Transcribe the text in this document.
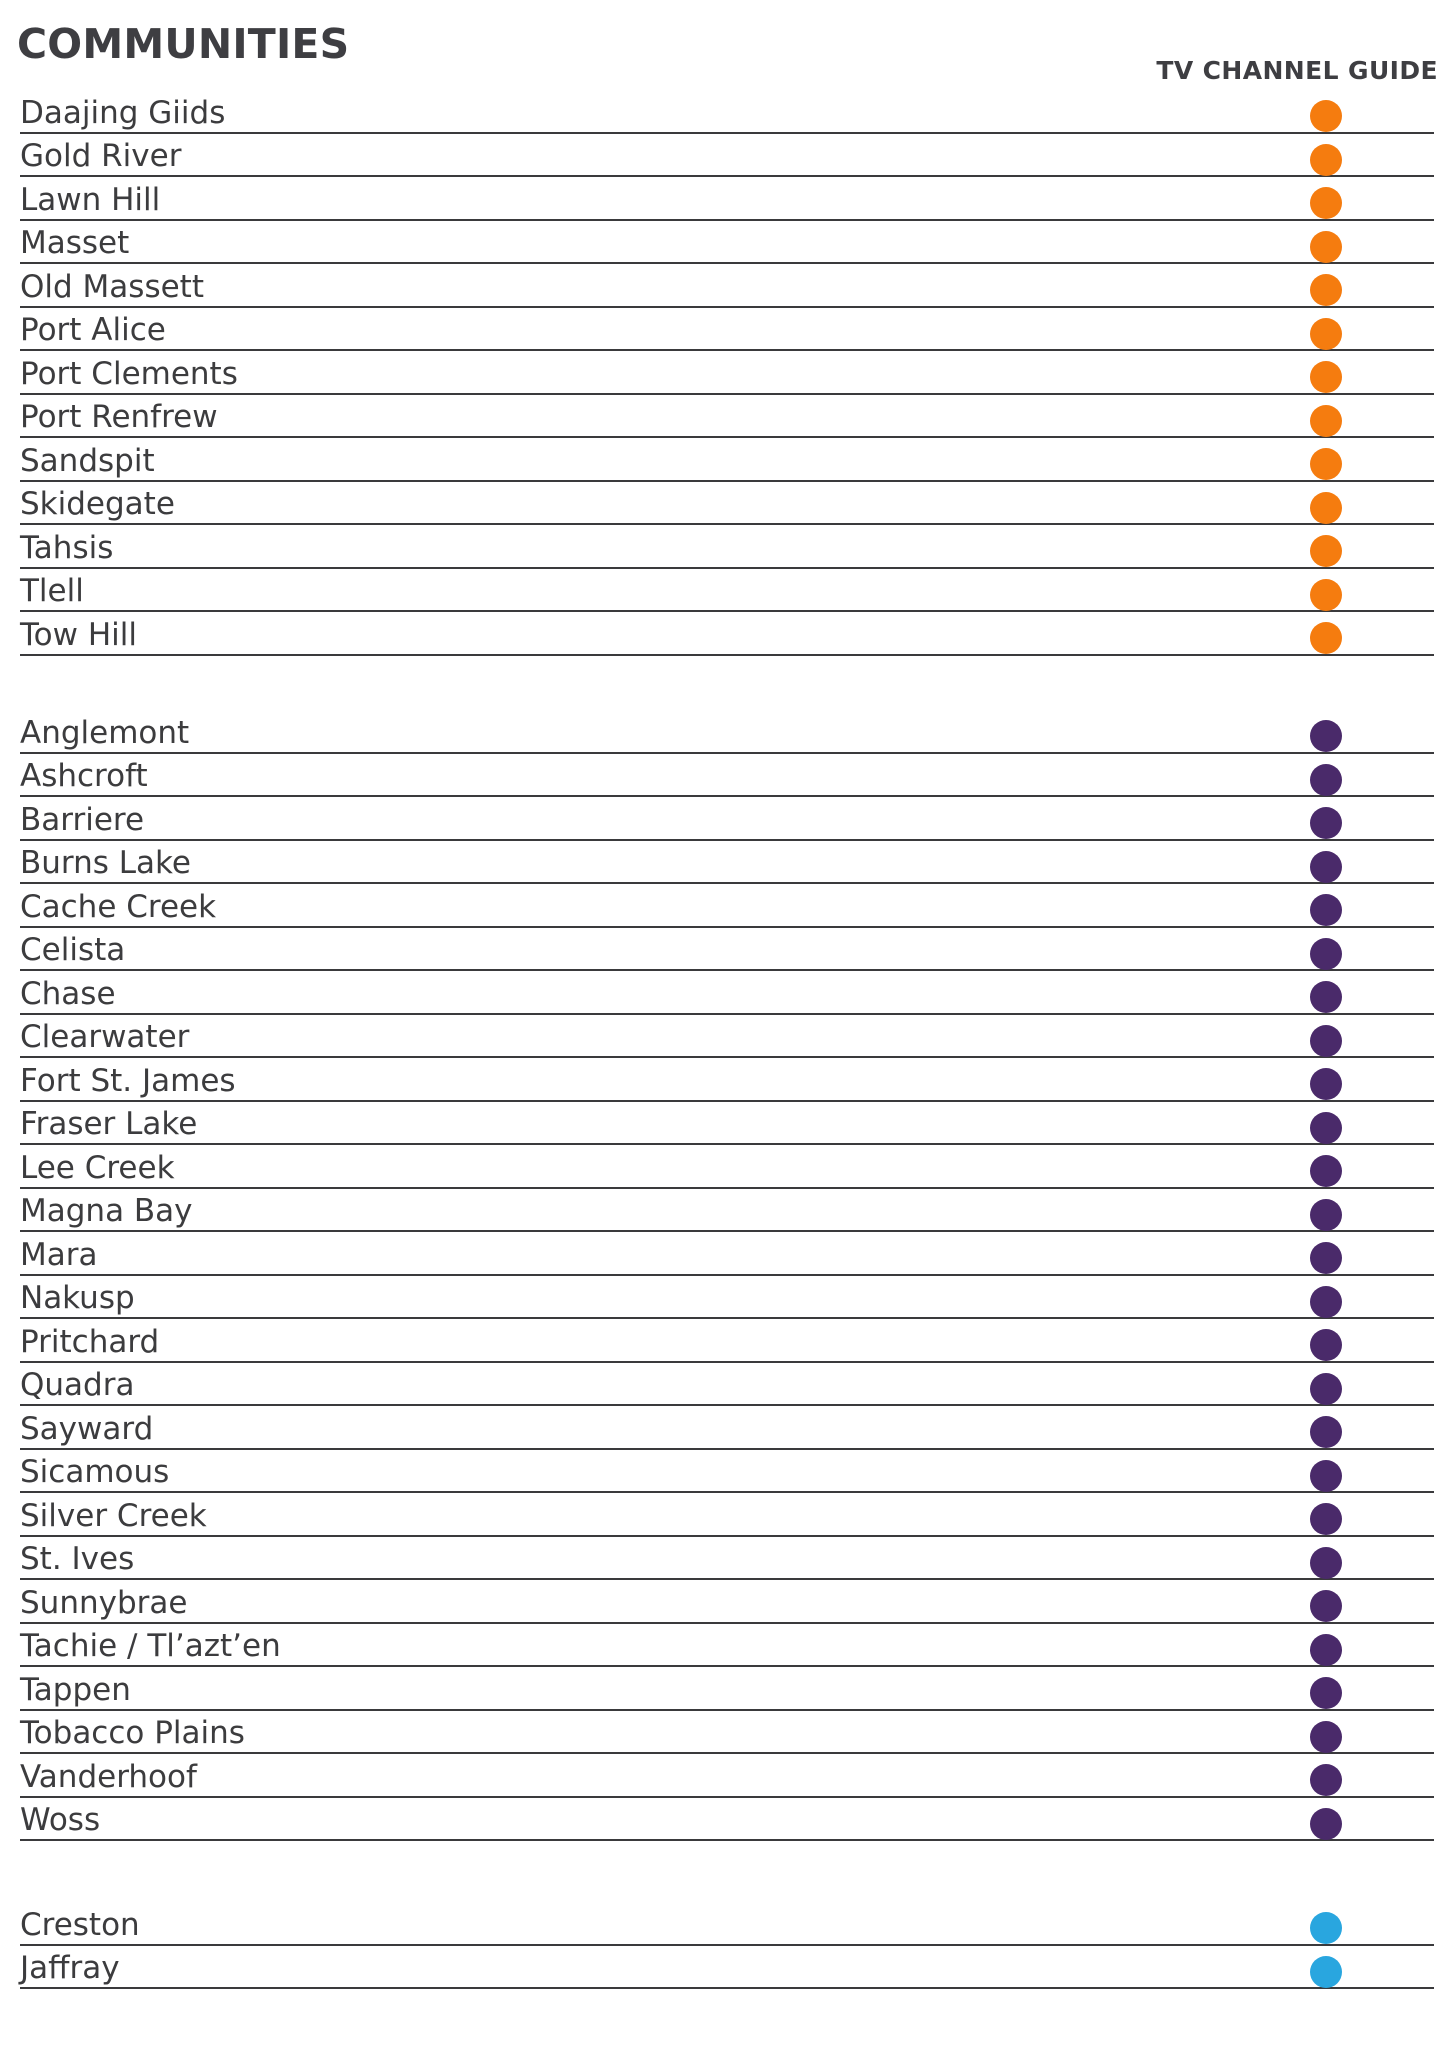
COMMUNITIES
TV CHANNEL GUIDE
Daajing Giids
Gold River
Lawn Hill
Masset
Old Massett
Port Alice
Port Clements
Port Renfrew
Sandspit
Skidegate
Tahsis
Tlell
Tow Hill
Anglemont
Ashcroft
Barriere
Burns Lake
Cache Creek
Celista
Chase
Clearwater
Fort St. James
Fraser Lake
Lee Creek
Magna Bay
Mara
Nakusp
Pritchard
Quadra
Sayward
Sicamous
Silver Creek
St. Ives
Sunnybrae
Tachie / Tl’azt’en
Tappen
Tobacco Plains
Vanderhoof
Woss
Creston
Jaffray
